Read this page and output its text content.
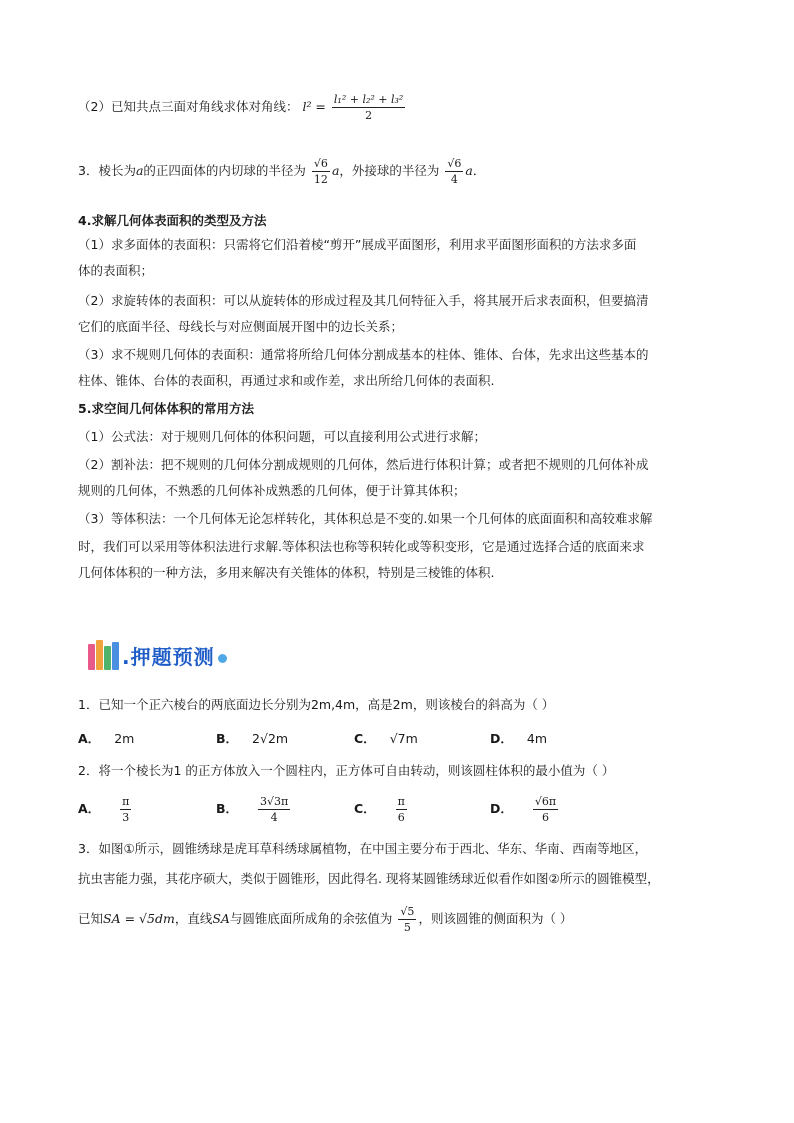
（2）已知共点三面对角线求体对角线： $l^2 = \frac{\text{l₁² + l₂² + l₃²}}{2}$
3．棱长为a的正四面体的内切球的半径为 $\frac{√6}{12}$ a，外接球的半径为 $\frac{√6}{4}$ a．
4.求解几何体表面积的类型及方法
（1）求多面体的表面积：只需将它们沿着棱“剪开”展成平面图形，利用求平面图形面积的方法求多面
体的表面积；
（2）求旋转体的表面积：可以从旋转体的形成过程及其几何特征入手，将其展开后求表面积，但要搞清
它们的底面半径、母线长与对应侧面展开图中的边长关系；
（3）求不规则几何体的表面积：通常将所给几何体分割成基本的柱体、锥体、台体，先求出这些基本的
柱体、锥体、台体的表面积，再通过求和或作差，求出所给几何体的表面积.
5.求空间几何体体积的常用方法
（1）公式法：对于规则几何体的体积问题，可以直接利用公式进行求解；
（2）割补法：把不规则的几何体分割成规则的几何体，然后进行体积计算；或者把不规则的几何体补成
规则的几何体，不熟悉的几何体补成熟悉的几何体，便于计算其体积；
（3）等体积法：一个几何体无论怎样转化，其体积总是不变的.如果一个几何体的底面面积和高较难求解
时，我们可以采用等体积法进行求解.等体积法也称等积转化或等积变形，它是通过选择合适的底面来求
几何体体积的一种方法，多用来解决有关锥体的体积，特别是三棱锥的体积.
.押题预测
1．已知一个正六棱台的两底面边长分别为2m,4m，高是2m，则该棱台的斜高为（ ）
A． 2m	B． 2√2m	C． √7m	D． 4m
2．将一个棱长为1 的正方体放入一个圆柱内，正方体可自由转动，则该圆柱体积的最小值为（ ）
A． $\frac{\pi}{3}$	B． $\frac{3√3\pi}{4}$	C． $\frac{\pi}{6}$	D． $\frac{√6\pi}{6}$
3．如图①所示，圆锥绣球是虎耳草科绣球属植物，在中国主要分布于西北、华东、华南、西南等地区，
抗虫害能力强，其花序硕大，类似于圆锥形，因此得名. 现将某圆锥绣球近似看作如图②所示的圆锥模型，
已知SA = √5dm，直线SA与圆锥底面所成角的余弦值为 $\frac{√5}{5}$ ，则该圆锥的侧面积为（ ）
